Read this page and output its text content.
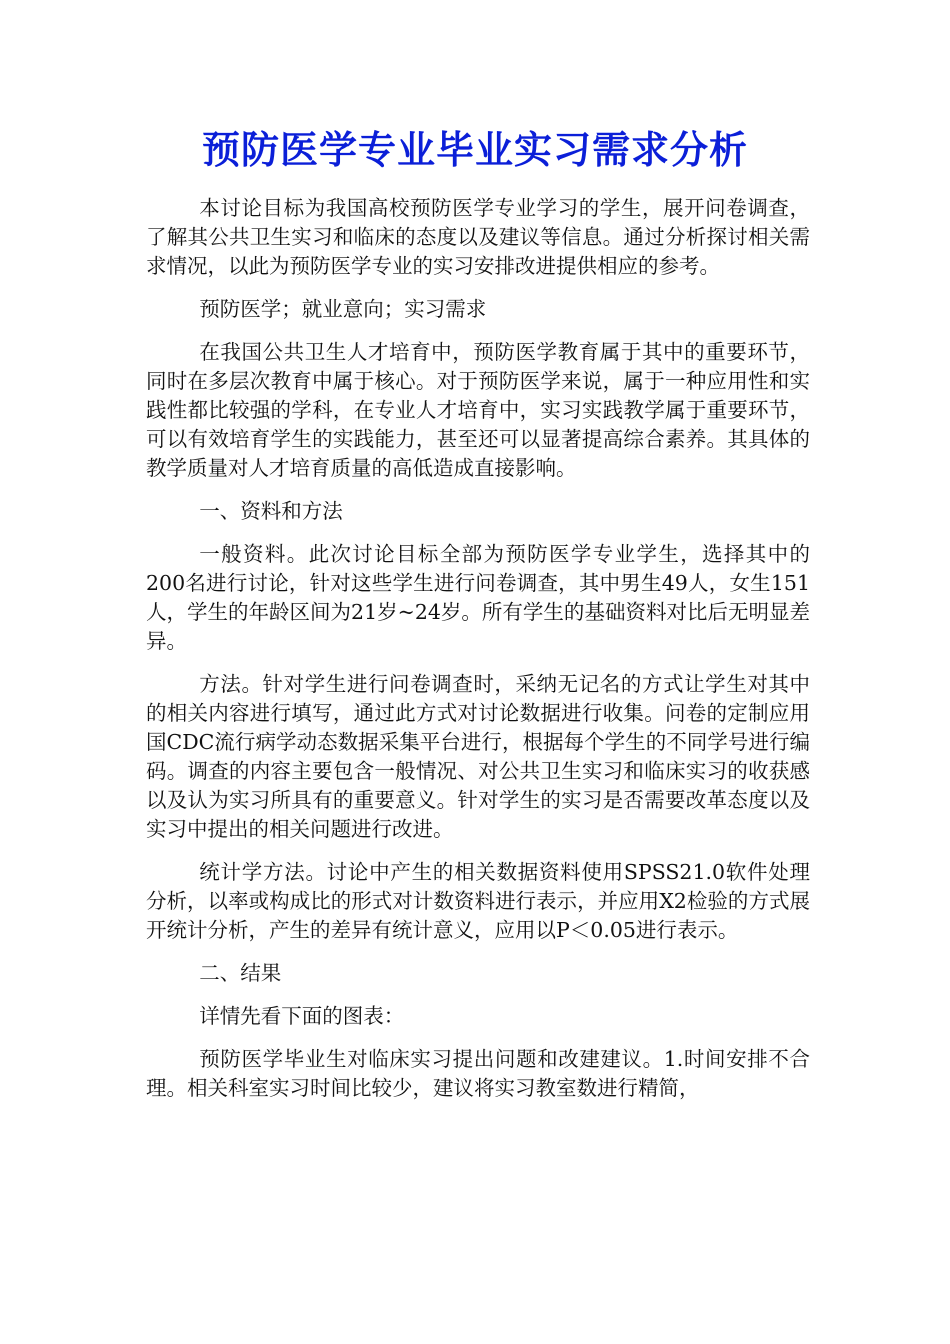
预防医学专业毕业实习需求分析

本讨论目标为我国高校预防医学专业学习的学生，展开问卷调查，了解其公共卫生实习和临床的态度以及建议等信息。通过分析探讨相关需求情况，以此为预防医学专业的实习安排改进提供相应的参考。

预防医学；就业意向；实习需求

在我国公共卫生人才培育中，预防医学教育属于其中的重要环节，同时在多层次教育中属于核心。对于预防医学来说，属于一种应用性和实践性都比较强的学科，在专业人才培育中，实习实践教学属于重要环节，可以有效培育学生的实践能力，甚至还可以显著提高综合素养。其具体的教学质量对人才培育质量的高低造成直接影响。

一、资料和方法

一般资料。此次讨论目标全部为预防医学专业学生，选择其中的200名进行讨论，针对这些学生进行问卷调查，其中男生49人，女生151人，学生的年龄区间为21岁~24岁。所有学生的基础资料对比后无明显差异。

方法。针对学生进行问卷调查时，采纳无记名的方式让学生对其中的相关内容进行填写，通过此方式对讨论数据进行收集。问卷的定制应用国CDC流行病学动态数据采集平台进行，根据每个学生的不同学号进行编码。调查的内容主要包含一般情况、对公共卫生实习和临床实习的收获感以及认为实习所具有的重要意义。针对学生的实习是否需要改革态度以及实习中提出的相关问题进行改进。

统计学方法。讨论中产生的相关数据资料使用SPSS21.0软件处理分析，以率或构成比的形式对计数资料进行表示，并应用X2检验的方式展开统计分析，产生的差异有统计意义，应用以P＜0.05进行表示。

二、结果

详情先看下面的图表：

预防医学毕业生对临床实习提出问题和改建建议。1.时间安排不合理。相关科室实习时间比较少，建议将实习教室数进行精简，
